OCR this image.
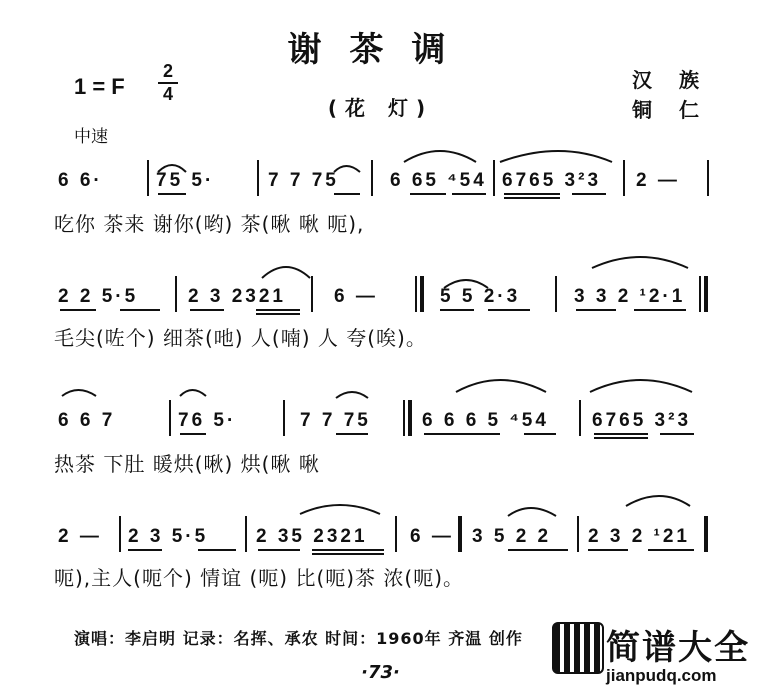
谢茶调
1 = F
2
4
(花 灯)
汉 族
铜 仁
中速
6 6·	75 5·	7 7 75	6 65 ⁴54 6765 3²3 2 —
吃你 茶来 谢你(哟) 茶(啾 啾 呃),
2 2 5·5	2 3 2321	6 —	5 5 2·3	3 3 2 ¹2·1
毛尖(咗个) 细茶(吔) 人(喃) 人 夸(唉)。
6 6 7	76 5·	7 7 75	6 6 6 5 ⁴54 6765 3²3
热茶 下肚 暖烘(啾) 烘(啾 啾
2 — 2 3 5·5	2 35 2321 6 — 3 5 2 2 2 3 2 ¹21
呃),主人(呃个) 情谊 (呃) 比(呃)茶 浓(呃)。
演唱：李启明 记录：名挥、承农 时间：1960年 齐温 创作
·73·
简谱大全
jianpudq.com
